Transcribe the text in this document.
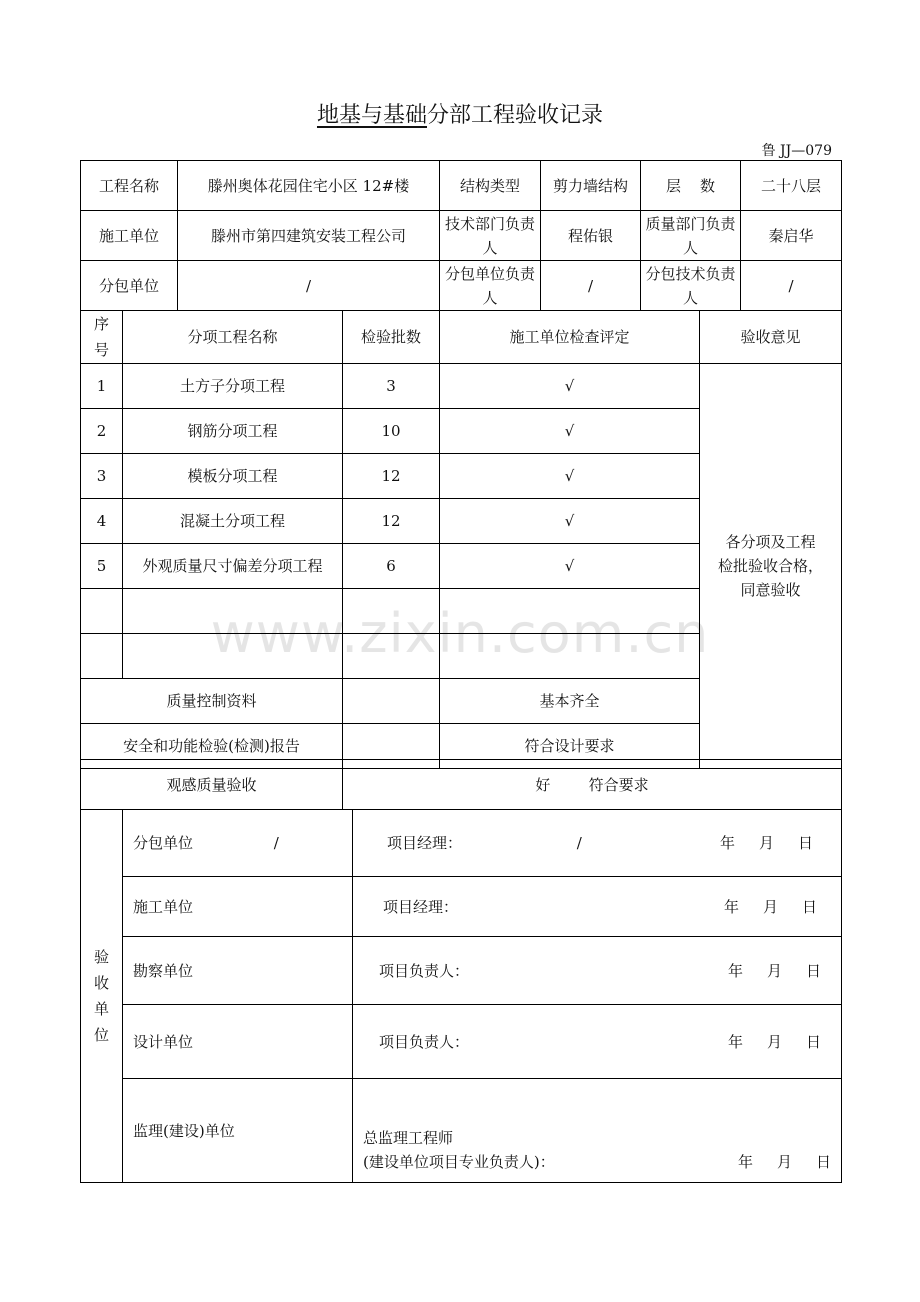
地基与基础分部工程验收记录
鲁 JJ—079
工程名称	滕州奥体花园住宅小区 12#楼	结构类型	剪力墙结构	层    数	二十八层
施工单位	滕州市第四建筑安装工程公司	技术部门负责人	程佑银	质量部门负责人	秦启华
分包单位	/	分包单位负责人	/	分包技术负责人	/
序号	分项工程名称	检验批数	施工单位检查评定	验收意见
1	土方子分项工程	3	√	各分项及工程
检批验收合格，
同意验收

2	钢筋分项工程	10	√	
3	模板分项工程	12	√	
4	混凝土分项工程	12	√	
5	外观质量尺寸偏差分项工程	6	√	

质量控制资料			基本齐全	
安全和功能检验(检测)报告			符合设计要求	
观感质量验收	好        符合要求
验收单位	分包单位 /	项目经理： / 年 月 日

	施工单位	项目经理： 年 月 日

	勘察单位	项目负责人： 年 月 日

	设计单位	项目负责人： 年 月 日

	监理(建设)单位	总监理工程师
(建设单位项目专业负责人)： 年 月 日
www.zixin.com.cn
